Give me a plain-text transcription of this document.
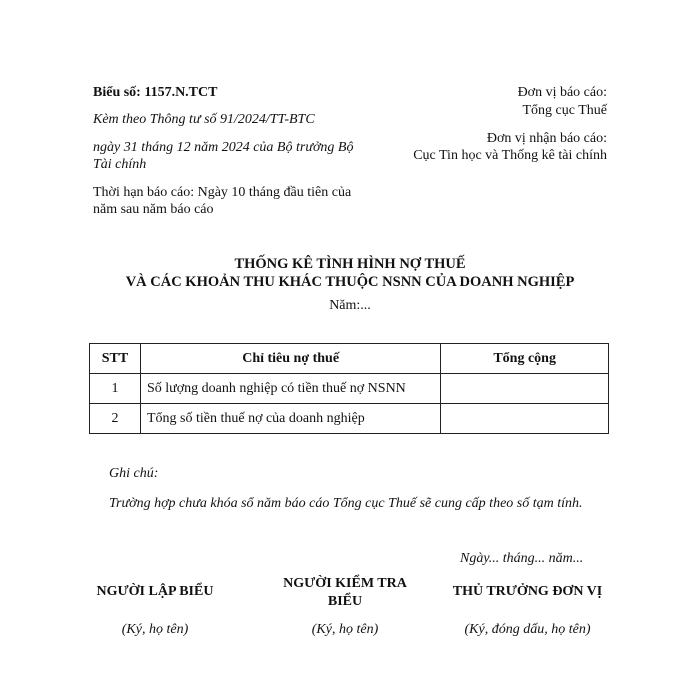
Biểu số: 1157.N.TCT
Kèm theo Thông tư số 91/2024/TT-BTC
ngày 31 tháng 12 năm 2024 của Bộ trưởng Bộ
Tài chính
Thời hạn báo cáo: Ngày 10 tháng đầu tiên của
năm sau năm báo cáo
Đơn vị báo cáo:
Tổng cục Thuế
Đơn vị nhận báo cáo:
Cục Tin học và Thống kê tài chính
THỐNG KÊ TÌNH HÌNH NỢ THUẾ
VÀ CÁC KHOẢN THU KHÁC THUỘC NSNN CỦA DOANH NGHIỆP
Năm:...
STT	Chỉ tiêu nợ thuế	Tổng cộng
1	Số lượng doanh nghiệp có tiền thuế nợ NSNN	
2	Tổng số tiền thuế nợ của doanh nghiệp	
Ghi chú:
Trường hợp chưa khóa sổ năm báo cáo Tổng cục Thuế sẽ cung cấp theo số tạm tính.
Ngày... tháng... năm...
NGƯỜI LẬP BIỂU
NGƯỜI KIỂM TRA
BIỂU
THỦ TRƯỞNG ĐƠN VỊ
(Ký, họ tên)	(Ký, họ tên)	(Ký, đóng dấu, họ tên)
